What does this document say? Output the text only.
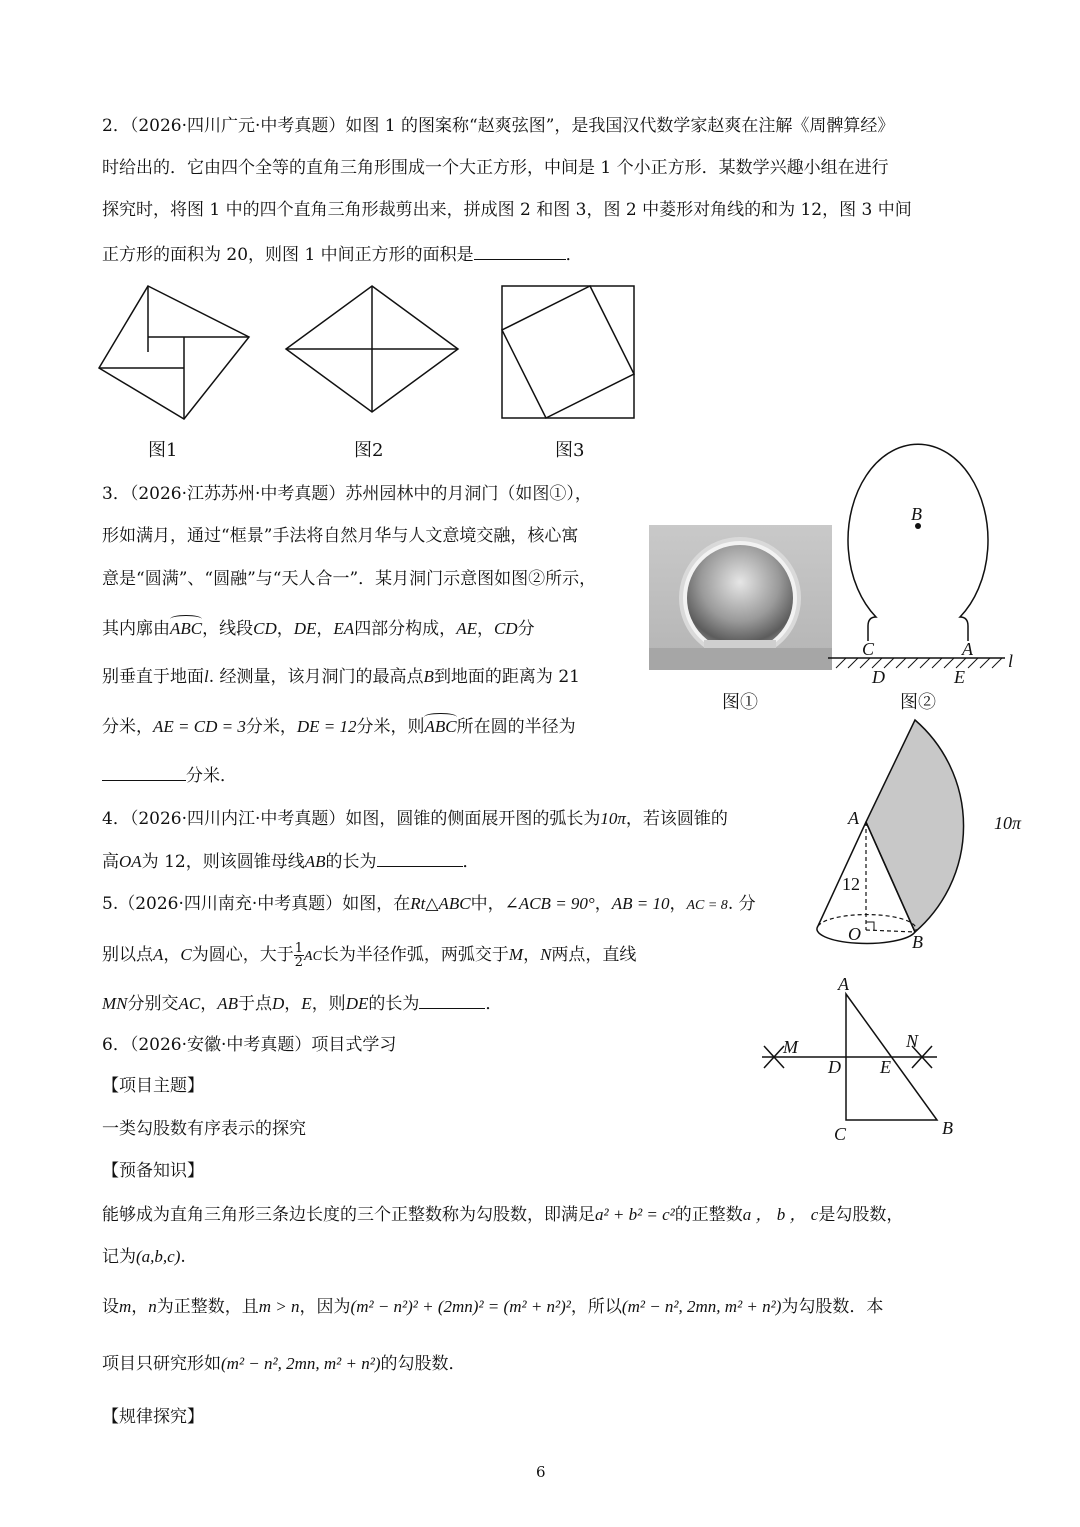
2．（2026·四川广元·中考真题）如图 1 的图案称“赵爽弦图”，是我国汉代数学家赵爽在注解《周髀算经》
时给出的．它由四个全等的直角三角形围成一个大正方形，中间是 1 个小正方形．某数学兴趣小组在进行
探究时，将图 1 中的四个直角三角形裁剪出来，拼成图 2 和图 3，图 2 中菱形对角线的和为 12，图 3 中间
正方形的面积为 20，则图 1 中间正方形的面积是	．
图1	图2	图3
3．（2026·江苏苏州·中考真题）苏州园林中的月洞门（如图①），
形如满月，通过“框景”手法将自然月华与人文意境交融，核心寓
意是“圆满”、“圆融”与“天人合一”．某月洞门示意图如图②所示，
其内廓由ABC，线段CD，DE，EA四部分构成，AE，CD分
别垂直于地面l. 经测量，该月洞门的最高点B到地面的距离为 21
分米，AE = CD = 3分米，DE = 12分米，则ABC所在圆的半径为
分米．
图①
B
C	A
D	E
l
图②
4．（2026·四川内江·中考真题）如图，圆锥的侧面展开图的弧长为10π，若该圆锥的
高OA为 12，则该圆锥母线AB的长为	．
A
12
O	B
10π
5.（2026·四川南充·中考真题）如图，在Rt△ABC中，∠ACB = 90°，AB = 10，AC = 8. 分
别以点A，C为圆心，大于 $\frac{1}{2}$ AC长为半径作弧，两弧交于M，N两点，直线
MN分别交AC，AB于点D，E，则DE的长为	．
A
M	N
D E
C	B
6．（2026·安徽·中考真题）项目式学习
【项目主题】
一类勾股数有序表示的探究
【预备知识】
能够成为直角三角形三条边长度的三个正整数称为勾股数，即满足a² + b² = c²的正整数a ， b ， c是勾股数，
记为(a,b,c).
设m，n为正整数，且m > n，因为(m² − n²)² + (2mn)² = (m² + n²)²，所以(m² − n², 2mn, m² + n²)为勾股数．本
项目只研究形如(m² − n², 2mn, m² + n²)的勾股数．
【规律探究】
6
